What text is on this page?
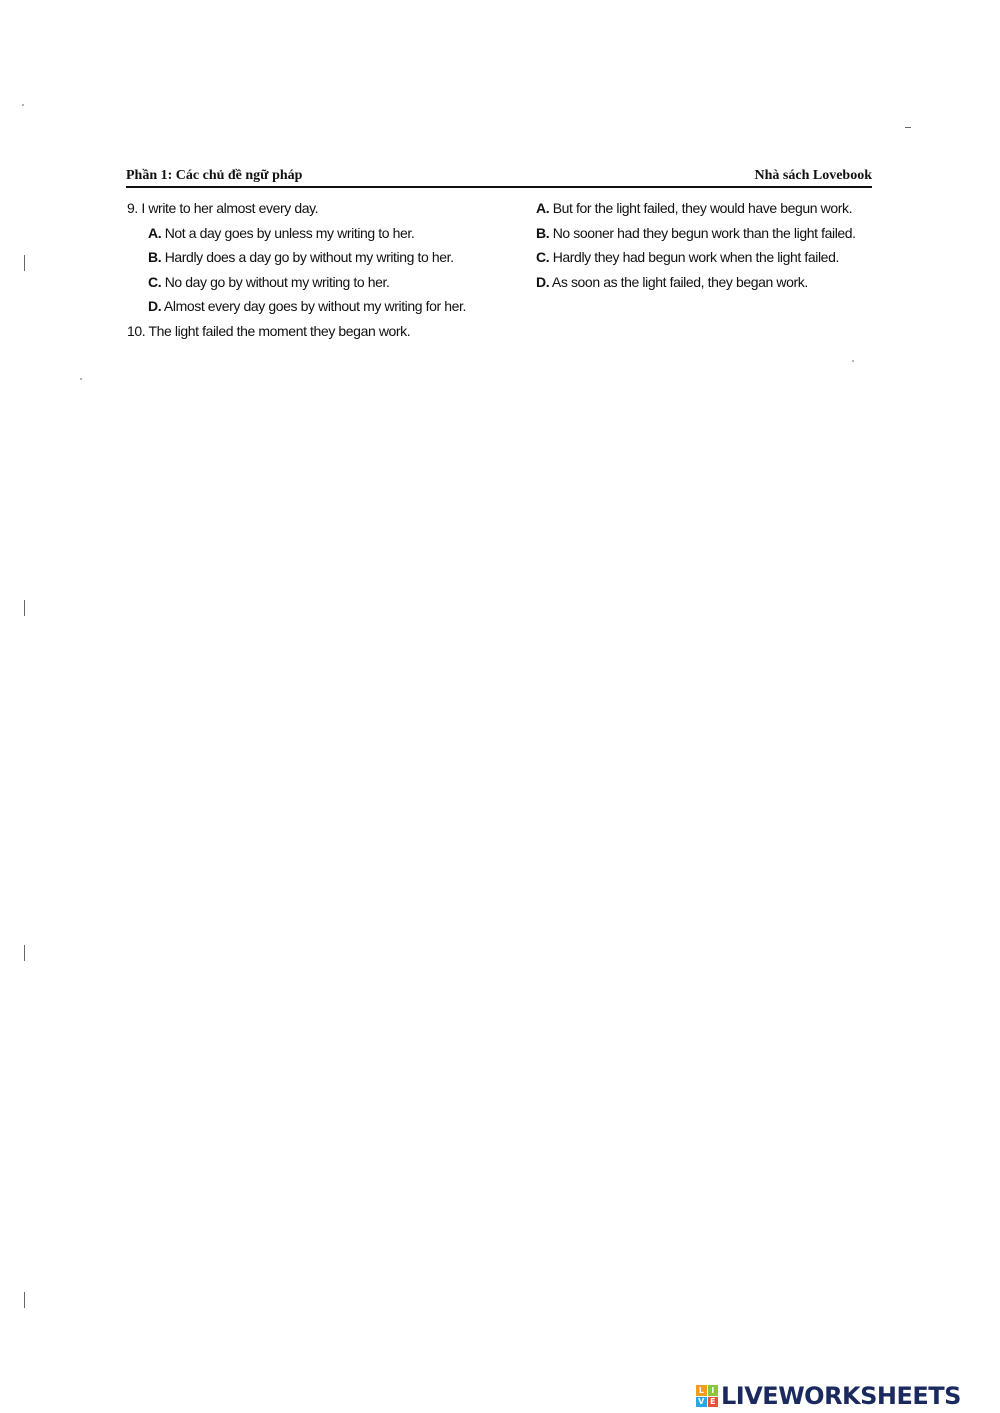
Phần 1: Các chủ đề ngữ pháp	Nhà sách Lovebook

9. I write to her almost every day.

A. Not a day goes by unless my writing to her.

B. Hardly does a day go by without my writing to her.

C. No day go by without my writing to her.

D. Almost every day goes by without my writing for her.

10. The light failed the moment they began work.

A. But for the light failed, they would have begun work.

B. No sooner had they begun work than the light failed.

C. Hardly they had begun work when the light failed.

D. As soon as the light failed, they began work.

L I
V E LIVEWORKSHEETS
